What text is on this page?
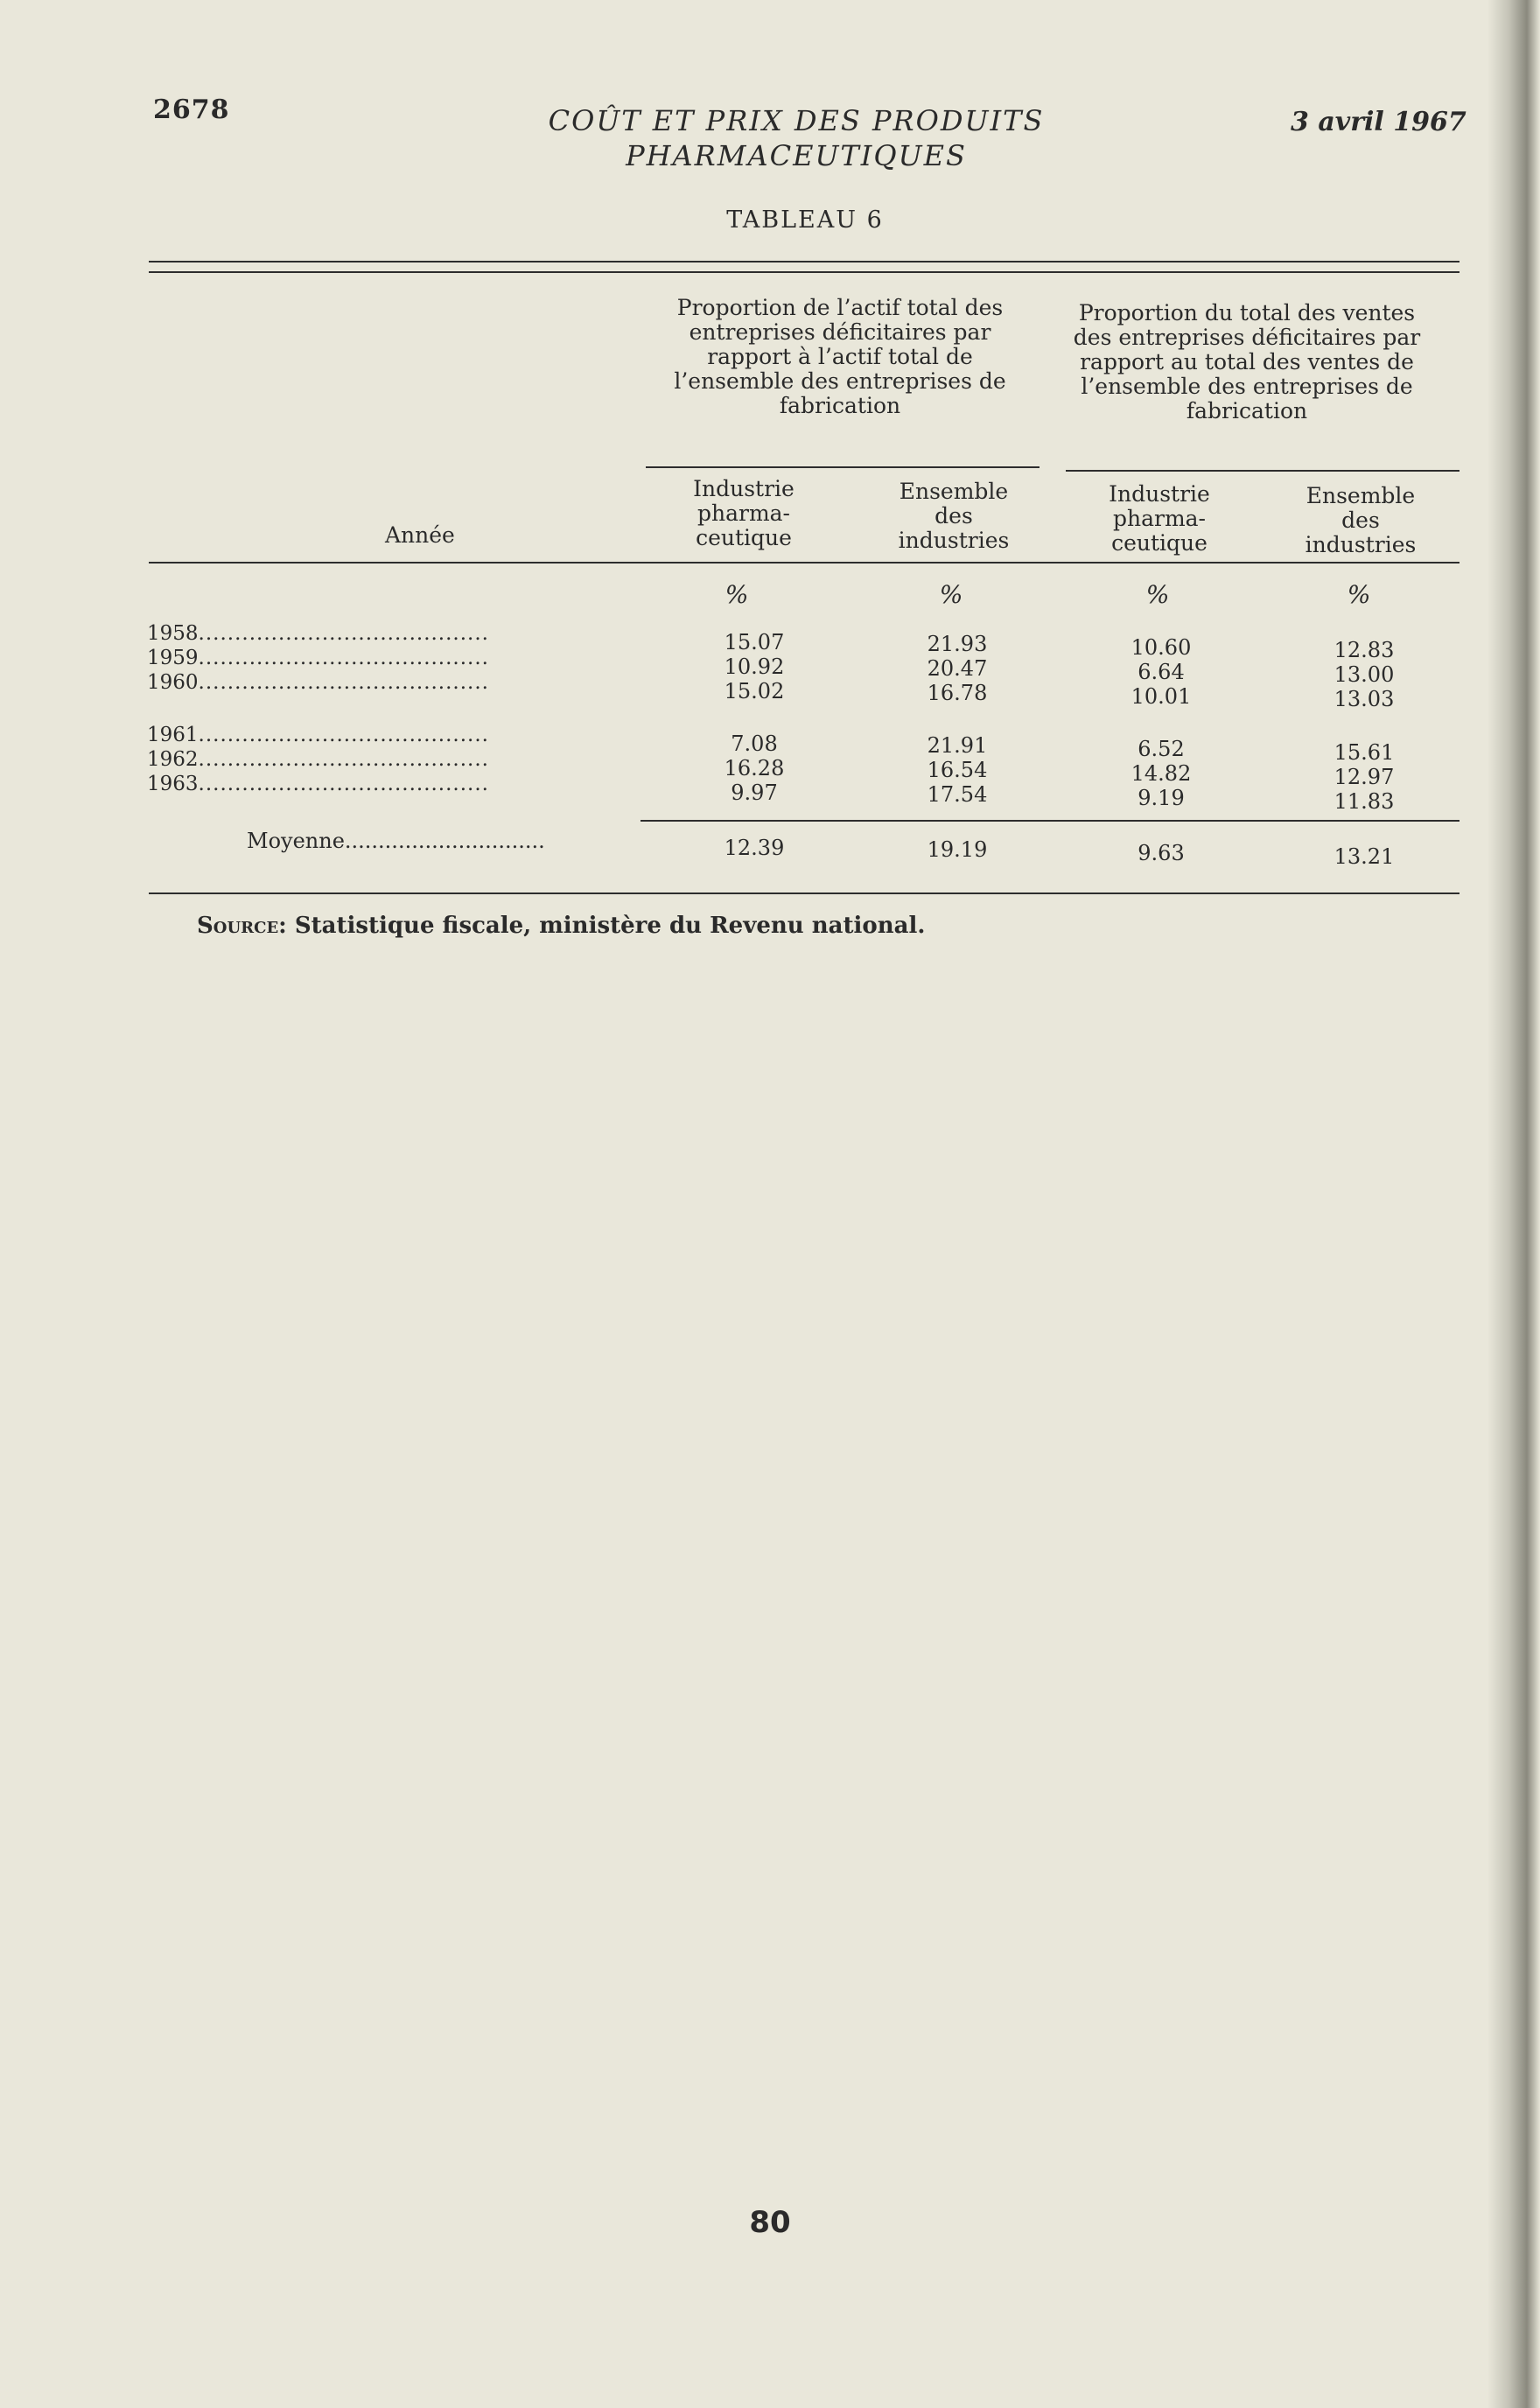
2678	COÛT ET PRIX DES PRODUITS
PHARMACEUTIQUES
3 avril 1967
TABLEAU 6
Proportion de l’actif total des entreprises déficitaires par rapport à l’actif total de l’ensemble des entreprises de fabrication
Proportion du total des ventes des entreprises déficitaires par rapport au total des ventes de l’ensemble des entreprises de fabrication
Industrie pharma- ceutique
Ensemble des industries
Industrie pharma- ceutique
Ensemble des industries
Année
%	%	%	%
1958........................................	15.07	21.93	10.60	12.83
1959........................................	10.92	20.47	6.64	13.00
1960........................................	15.02	16.78	10.01	13.03
1961........................................	7.08	21.91	6.52	15.61
1962........................................	16.28	16.54	14.82	12.97
1963........................................	9.97	17.54	9.19	11.83
Moyenne..............................	12.39	19.19	9.63	13.21
Source: Statistique fiscale, ministère du Revenu national.
80
